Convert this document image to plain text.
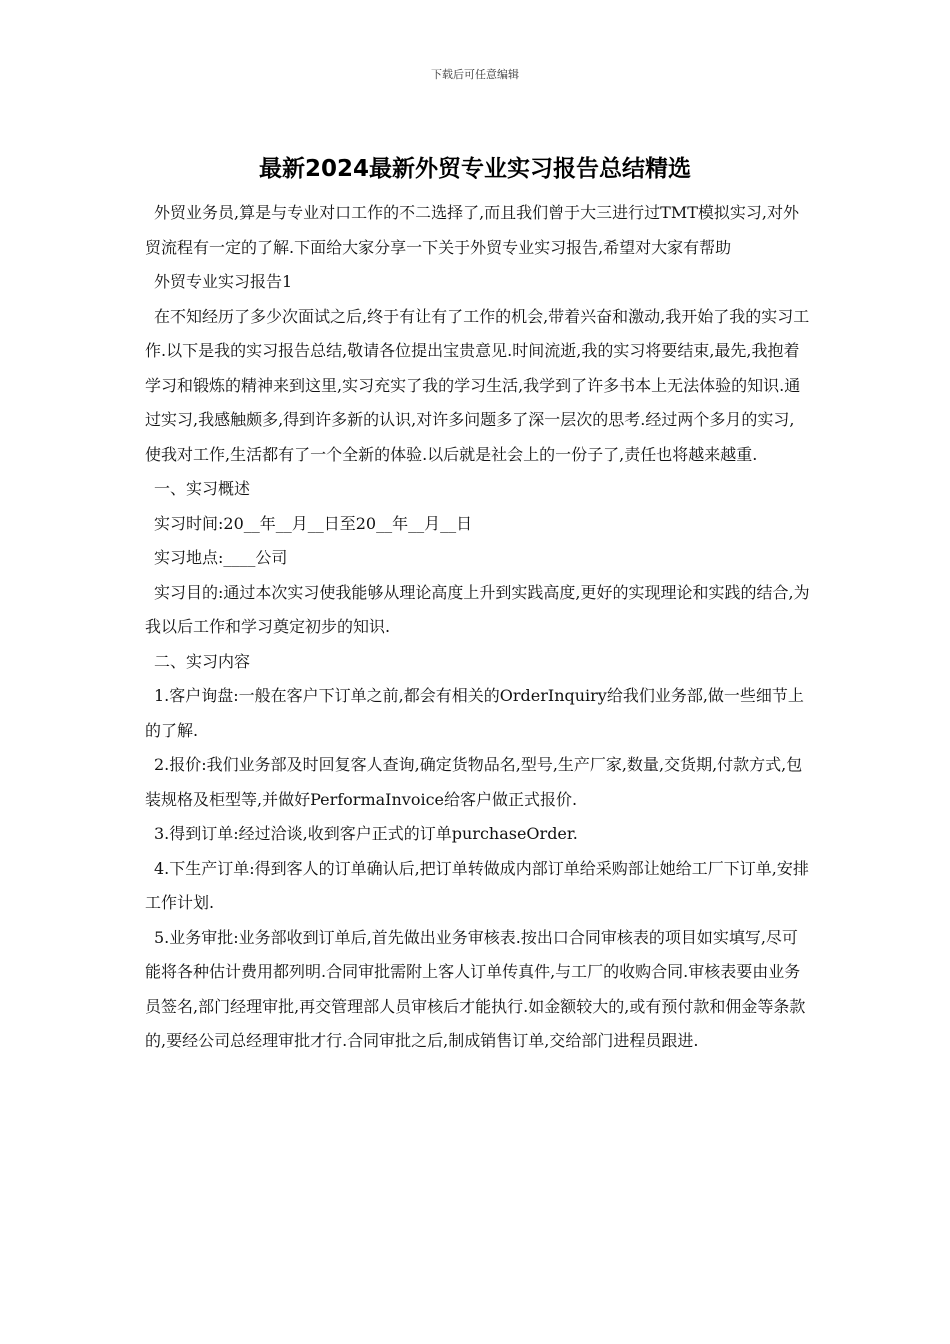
下载后可任意编辑
最新2024最新外贸专业实习报告总结精选

外贸业务员,算是与专业对口工作的不二选择了,而且我们曾于大三进行过TMT模拟实习,对外贸流程有一定的了解.下面给大家分享一下关于外贸专业实习报告,希望对大家有帮助

外贸专业实习报告1

在不知经历了多少次面试之后,终于有让有了工作的机会,带着兴奋和激动,我开始了我的实习工作.以下是我的实习报告总结,敬请各位提出宝贵意见.时间流逝,我的实习将要结束,最先,我抱着学习和锻炼的精神来到这里,实习充实了我的学习生活,我学到了许多书本上无法体验的知识.通过实习,我感触颇多,得到许多新的认识,对许多问题多了深一层次的思考.经过两个多月的实习,使我对工作,生活都有了一个全新的体验.以后就是社会上的一份子了,责任也将越来越重.

一、实习概述

实习时间:20__年__月__日至20__年__月__日

实习地点:____公司

实习目的:通过本次实习使我能够从理论高度上升到实践高度,更好的实现理论和实践的结合,为我以后工作和学习奠定初步的知识.

二、实习内容

1.客户询盘:一般在客户下订单之前,都会有相关的OrderInquiry给我们业务部,做一些细节上的了解.

2.报价:我们业务部及时回复客人查询,确定货物品名,型号,生产厂家,数量,交货期,付款方式,包装规格及柜型等,并做好PerformaInvoice给客户做正式报价.

3.得到订单:经过洽谈,收到客户正式的订单purchaseOrder.

4.下生产订单:得到客人的订单确认后,把订单转做成内部订单给采购部让她给工厂下订单,安排工作计划.

5.业务审批:业务部收到订单后,首先做出业务审核表.按出口合同审核表的项目如实填写,尽可能将各种估计费用都列明.合同审批需附上客人订单传真件,与工厂的收购合同.审核表要由业务员签名,部门经理审批,再交管理部人员审核后才能执行.如金额较大的,或有预付款和佣金等条款的,要经公司总经理审批才行.合同审批之后,制成销售订单,交给部门进程员跟进.
